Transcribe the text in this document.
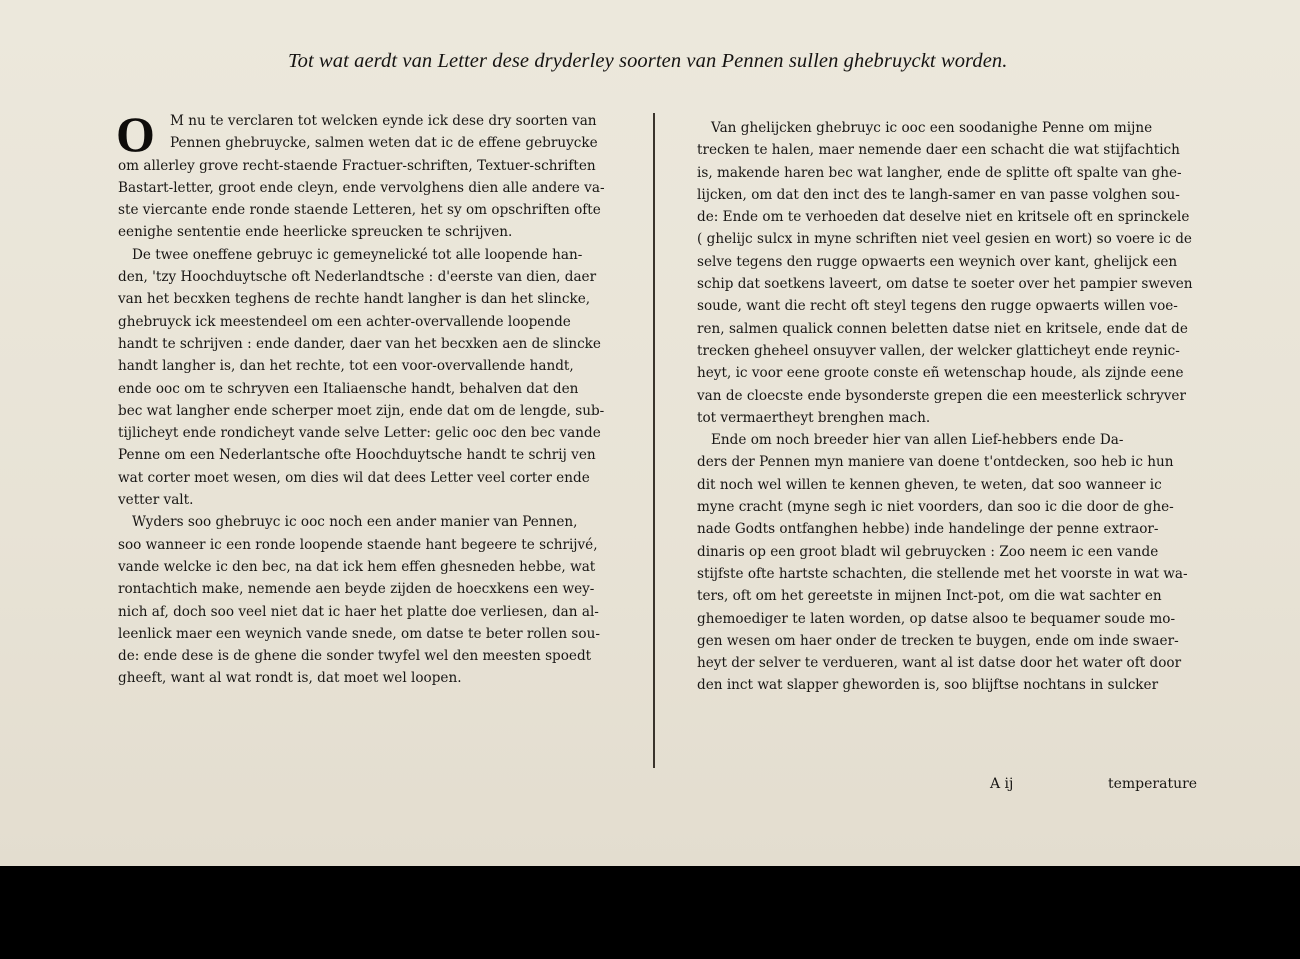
Tot wat aerdt van Letter dese dryderley soorten van Pennen sullen ghebruyckt worden.
O	M nu te verclaren tot welcken eynde ick dese dry soorten van
Pennen ghebruycke, salmen weten dat ic de effene gebruycke
om allerley grove recht-staende Fractuer-schriften, Textuer-schriften
Bastart-letter, groot ende cleyn, ende vervolghens dien alle andere va-
ste viercante ende ronde staende Letteren, het sy om opschriften ofte
eenighe sententie ende heerlicke spreucken te schrijven.

De twee oneffene gebruyc ic gemeynelické tot alle loopende han-
den, 'tzy Hoochduytsche oft Nederlandtsche : d'eerste van dien, daer
van het becxken teghens de rechte handt langher is dan het slincke,
ghebruyck ick meestendeel om een achter-overvallende loopende
handt te schrijven : ende dander, daer van het becxken aen de slincke
handt langher is, dan het rechte, tot een voor-overvallende handt,
ende ooc om te schryven een Italiaensche handt, behalven dat den
bec wat langher ende scherper moet zijn, ende dat om de lengde, sub-
tijlicheyt ende rondicheyt vande selve Letter: gelic ooc den bec vande
Penne om een Nederlantsche ofte Hoochduytsche handt te schrij ven
wat corter moet wesen, om dies wil dat dees Letter veel corter ende
vetter valt.

Wyders soo ghebruyc ic ooc noch een ander manier van Pennen,
soo wanneer ic een ronde loopende staende hant begeere te schrijvé,
vande welcke ic den bec, na dat ick hem effen ghesneden hebbe, wat
rontachtich make, nemende aen beyde zijden de hoecxkens een wey-
nich af, doch soo veel niet dat ic haer het platte doe verliesen, dan al-
leenlick maer een weynich vande snede, om datse te beter rollen sou-
de: ende dese is de ghene die sonder twyfel wel den meesten spoedt
gheeft, want al wat rondt is, dat moet wel loopen.

Van ghelijcken ghebruyc ic ooc een soodanighe Penne om mijne
trecken te halen, maer nemende daer een schacht die wat stijfachtich
is, makende haren bec wat langher, ende de splitte oft spalte van ghe-
lijcken, om dat den inct des te langh-samer en van passe volghen sou-
de: Ende om te verhoeden dat deselve niet en kritsele oft en sprinckele
( ghelijc sulcx in myne schriften niet veel gesien en wort) so voere ic de
selve tegens den rugge opwaerts een weynich over kant, ghelijck een
schip dat soetkens laveert, om datse te soeter over het pampier sweven
soude, want die recht oft steyl tegens den rugge opwaerts willen voe-
ren, salmen qualick connen beletten datse niet en kritsele, ende dat de
trecken gheheel onsuyver vallen, der welcker glatticheyt ende reynic-
heyt, ic voor eene groote conste eñ wetenschap houde, als zijnde eene
van de cloecste ende bysonderste grepen die een meesterlick schryver
tot vermaertheyt brenghen mach.

Ende om noch breeder hier van allen Lief-hebbers ende Da-
ders der Pennen myn maniere van doene t'ontdecken, soo heb ic hun
dit noch wel willen te kennen gheven, te weten, dat soo wanneer ic
myne cracht (myne segh ic niet voorders, dan soo ic die door de ghe-
nade Godts ontfanghen hebbe) inde handelinge der penne extraor-
dinaris op een groot bladt wil gebruycken : Zoo neem ic een vande
stijfste ofte hartste schachten, die stellende met het voorste in wat wa-
ters, oft om het gereetste in mijnen Inct-pot, om die wat sachter en
ghemoediger te laten worden, op datse alsoo te bequamer soude mo-
gen wesen om haer onder de trecken te buygen, ende om inde swaer-
heyt der selver te verdueren, want al ist datse door het water oft door
den inct wat slapper gheworden is, soo blijftse nochtans in sulcker

A ij	temperature
